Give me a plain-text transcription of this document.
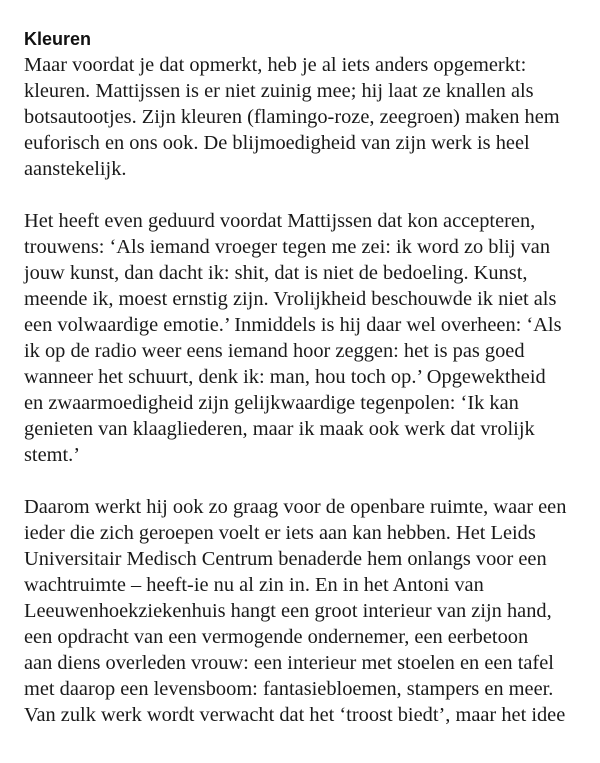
Kleuren

Maar voordat je dat opmerkt, heb je al iets anders opgemerkt:
kleuren. Mattijssen is er niet zuinig mee; hij laat ze knallen als
botsautootjes. Zijn kleuren (flamingo-roze, zeegroen) maken hem
euforisch en ons ook. De blijmoedigheid van zijn werk is heel
aanstekelijk.

Het heeft even geduurd voordat Mattijssen dat kon accepteren,
trouwens: ‘Als iemand vroeger tegen me zei: ik word zo blij van
jouw kunst, dan dacht ik: shit, dat is niet de bedoeling. Kunst,
meende ik, moest ernstig zijn. Vrolijkheid beschouwde ik niet als
een volwaardige emotie.’ Inmiddels is hij daar wel overheen: ‘Als
ik op de radio weer eens iemand hoor zeggen: het is pas goed
wanneer het schuurt, denk ik: man, hou toch op.’ Opgewektheid
en zwaarmoedigheid zijn gelijkwaardige tegenpolen: ‘Ik kan
genieten van klaagliederen, maar ik maak ook werk dat vrolijk
stemt.’

Daarom werkt hij ook zo graag voor de openbare ruimte, waar een
ieder die zich geroepen voelt er iets aan kan hebben. Het Leids
Universitair Medisch Centrum benaderde hem onlangs voor een
wachtruimte – heeft-ie nu al zin in. En in het Antoni van
Leeuwenhoekziekenhuis hangt een groot interieur van zijn hand,
een opdracht van een vermogende ondernemer, een eerbetoon
aan diens overleden vrouw: een interieur met stoelen en een tafel
met daarop een levensboom: fantasiebloemen, stampers en meer.
Van zulk werk wordt verwacht dat het ‘troost biedt’, maar het idee
